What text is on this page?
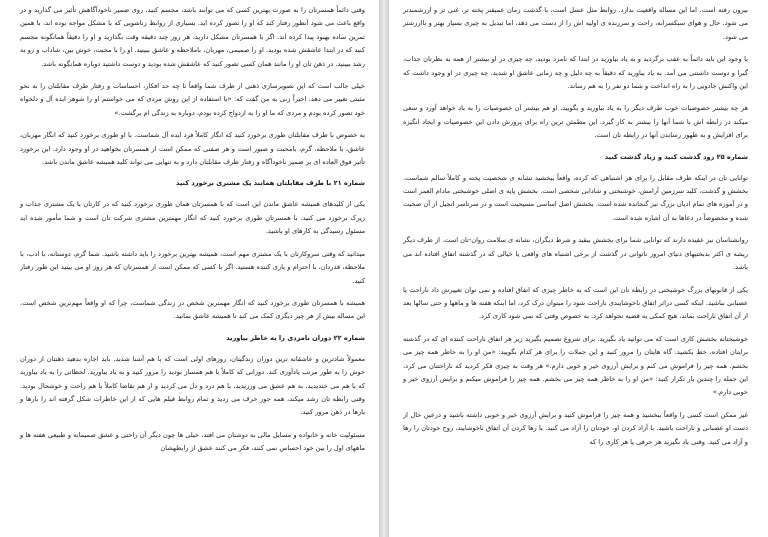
وقتی دائماً همسرتان را به صورت بهترین کسی که می توانند باشد، مجسم کنید، روی ضمیر ناخودآگاهش تأثیر می گذارید و در واقع باعث می شود آنطور رفتار کند که او را تصور کرده اید. بسیاری از روابط زناشویی که با مشکل مواجه بوده اند، با همین تمرین ساده بهبود پیدا کرده اند. اگر با همسرتان مشکل دارید، هر روز چند دقیقه وقت بگذارید و او را دقیقاً همانگونه مجسم کنید که در ابتدا عاشقش شده بودید. او را صمیمی، مهربان، باملاحظه و عاشق ببینید. او را با محبت، خوش بین، شاداب و رو به رشد ببینید. در ذهن تان او را مانند همان کسی تصور کنید که عاشقش شده بودید و دوست داشتید دوباره همانگونه باشد.

خیلی جالب است که این تصویرسازی ذهنی از طرف شما واقعاً تا چه حد افکار، احساسات و رفتار طرف مقابلتان را به نحو مثبتی تغییر می دهد. اخیراً زنی به من گفت که: «با استفاده از این روش مردی که می خواستم او را شوهر ایده آل و دلخواه خود تصور کرده بودم و مردی که ما او را به ازدواج کرده بودم، دوباره به زندگی ام برگشت.»

به خصوص با طرف مقابلتان طوری برخورد کنید که انگار کاملاً فرد ایده آل شماست. با او طوری برخورد کنید که انگار مهربان، عاشق، با ملاحظه، گرم، بامحبت و صبور است و هر صفتی که ممکن است از همسرتان بخواهید در او وجود دارد. این برخورد تأثیر فوق العاده ای بر ضمیر ناخودآگاه و رفتار طرف مقابلتان دارد و به تنهایی می تواند کلید همیشه عاشق ماندن باشد.

شماره ۲۱ با طرف مقابلتان همانند یک مشتری برخورد کنید

یکی از کلیدهای همیشه عاشق ماندن این است که با همسرتان همان طوری برخورد کنید که در کارتان با یک مشتری جذاب و زیرک برخورد می کنید. با همسرتان طوری برخورد کنید که انگار مهمترین مشتری شرکت تان است و شما مأمور شده اید مسئول رسیدگی به کارهای او باشید.

میدانید که وقتی سروکارتان با یک مشتری مهم است، همیشه بهترین برخورد را باید داشته باشید. شما گرم، دوستانه، با ادب، با ملاحظه، قدردان، با احترام و یاری کننده هستید. اگر با کسی که ممکن است از همسرتان که هر روز او می بینید این طور رفتار کنید.

همیشه با همسرتان طوری برخورد کنید که انگار مهمترین شخص در زندگی شماست، چرا که او واقعاً مهم‌ترین شخص است. این مساله بیش از هر چیز دیگری کمک می کند تا همیشه عاشق بمانید.

شماره ۲۲ دوران نامزدی را به خاطر بیاورید

معمولاً شادترین و عاشقانه ترین دوران زندگیتان، روزهای اولی است که با هم آشنا شدید. باید اجازه بدهید ذهنتان از دوران خوش را به طور مرتب یادآوری کند. دورانی که کاملاً با هم همساز بودید را مرور کنید و به یاد بیاورید. لحظاتی را به یاد بیاورید که با هم می خندیدید، به هم عشق می ورزیدید، با هم درد و دل می کردید و از هم تقاضا کاملاً با هم راحت و خوشحال بودید. وقتی رابطه تان رشد میکند، همه جور حرف می زدید و تمام روابط فیلم هایی که از این خاطرات شکل گرفته اند را بارها و بارها در ذهن مرور کنید.

مسئولیت خانه و خانواده و مسایل مالی به دوشتان می افتد، خیلی ها چون دیگر آن راحتی و عشق صمیمانه و طبیعی هفته ها و ماههای اول را بین خود احساس نمی کنند، فکر می کنند عشق از رابطهشان

بیرون رفته است. اما این مساله واقعیت ندارد. روابط مثل عسل است، با گذشت زمان عمیقتر پخته تر، غنی تر و ارزشمندتر می شود. حال و هوای سبکسرانه، راحت و سرزنده ی اولیه اش را از دست می دهد، اما تبدیل به چیزی بسیار بهتر و باارزشتر می شود.

با وجود این باید دائماً به عقب برگردید و به یاد بیاورید در ابتدا که نامزد بودید، چه چیزی در او بیشتر از همه به نظرتان جذاب، گیرا و دوست داشتنی می آمد. به یاد بیاورید که دقیقاً به چه دلیل و چه زمانی عاشق او شدید، چه چیزی در او وجود داشت که این واکنش جادویی را به راه انداخت و شما دو نفر را به هم رساند.

هر چه بیشتر خصوصیات خوب طرف دیگر را به یاد بیاورید و بگویید، او هم بیشتر آن خصوصیات را به یاد خواهد آورد و سعی میکند در رابطه اش با شما آنها را بیشتر به کار گیرد. این مطمئن ترین راه برای پرورش دادن این خصوصیات و ایجاد انگیزه برای افزایش و به ظهور رساندن آنها در رابطه تان است.

شماره ۲۵ زود گذشت کنید و زیاد گذشت کنید

توانایی تان در اینکه طرف مقابل را برای هر اشتباهی که کرده، واقعاً ببخشید نشانه ی شخصیت پخته و کاملاً سالم شماست. بخشش و گذشت، کلید سرزمین آرامش، خوشبختی و شادابی شخصی است. بخشش پایه ی اصلی خوشبختی مادام العمر است و در آموزه های تمام ادیان بزرگ نیز گنجانده شده است. بخشش اصل اساسی مسیحیت است و در سرتاسر انجیل از آن صحبت شده و مخصوصاً در دعاها به آن اشاره شده است.

روانشناسان نیز عقیده دارند که توانایی شما برای بخشش بیقید و شرط دیگران، نشانه ی سلامت روان-تان است. از طرف دیگر ریشه ی اکثر بدبختیهای دنیای امروز ناتوانی در گذشت از برخی اشتباه های واقعی یا خیالی که در گذشته اتفاق افتاده اند می باشد.

یکی از قانونهای بزرگ خوشبختی در رابطه تان این است که به خاطر چیزی که اتفاق افتاده و نمی توان تغییرش داد ناراحت یا عصبانی نباشید. اینکه کسی دراثر اتفاق ناخوشایندی ناراحت شود را میتوان درک کرد، اما اینکه هفته ها و ماهها و حتی سالها بعد از آن اتفاق ناراحت بماند، هیچ کمکی به قضیه نخواهد کرد. به خصوص وقتی که نمی شود کاری کرد.

خوشبختانه بخشش کاری است که می توانید یاد بگیرید. برای شروع تصمیم بگیرید زیر هر اتفاق ناراحت کننده ای که در گذشته برایتان افتاده، خط بکشید. گاه هایتان را مرور کنید و این جملات را برای هر کدام بگویید: «من او را به خاطر همه چیز می بخشم. همه چیز را فراموش می کنم و برایش آرزوی خیر و خوبی دارم.» هر وقت به چیزی فکر کردید که ناراحتتان می کرد، این جمله را چندین بار تکرار کنید: «من او را به خاطر همه چیز می بخشم. همه چیز را فراموش میکنم و برایش آرزوی خیر و خوبی دارم.»

غیر ممکن است کسی را واقعاً ببخشید و همه چیز را فراموش کنید و برایش آرزوی خیر و خوبی داشته باشید و درعین حال از دست او عصبانی و ناراحت باشید. با آزاد کردن او، خودتان را آزاد می کنید. با رها کردن آن اتفاق ناخوشایند، روح خودتان را رها و آزاد می کنید. وقتی یاد بگیرید هر حرفی یا هر کاری را که
